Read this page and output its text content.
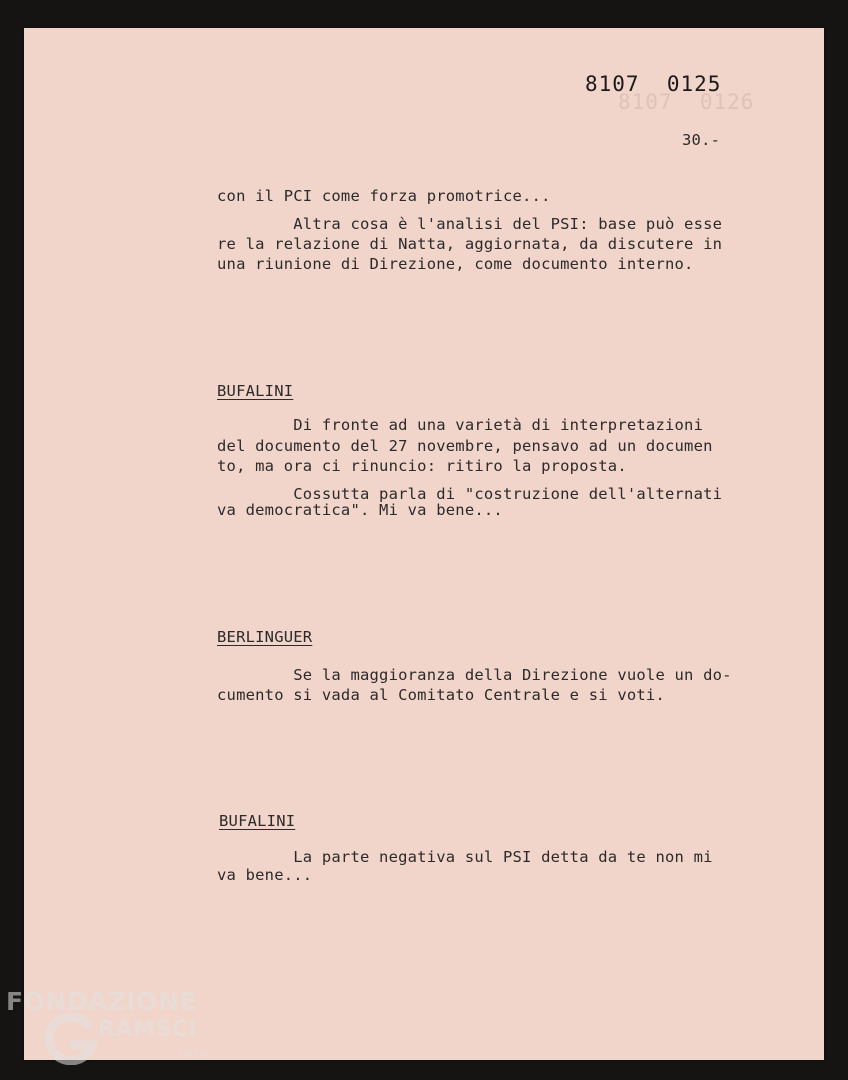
8107 0126
8107 0125
30.-
con il PCI come forza promotrice...
Altra cosa è l'analisi del PSI: base può esse
re la relazione di Natta, aggiornata, da discutere in
una riunione di Direzione, come documento interno.
BUFALINI
Di fronte ad una varietà di interpretazioni
del documento del 27 novembre, pensavo ad un documen
to, ma ora ci rinuncio: ritiro la proposta.
Cossutta parla di "costruzione dell'alternati
va democratica". Mi va bene...
BERLINGUER
Se la maggioranza della Direzione vuole un do-
cumento si vada al Comitato Centrale e si voti.
BUFALINI
La parte negativa sul PSI detta da te non mi
va bene...
FONDAZIONE
RAMSCI
onlus
